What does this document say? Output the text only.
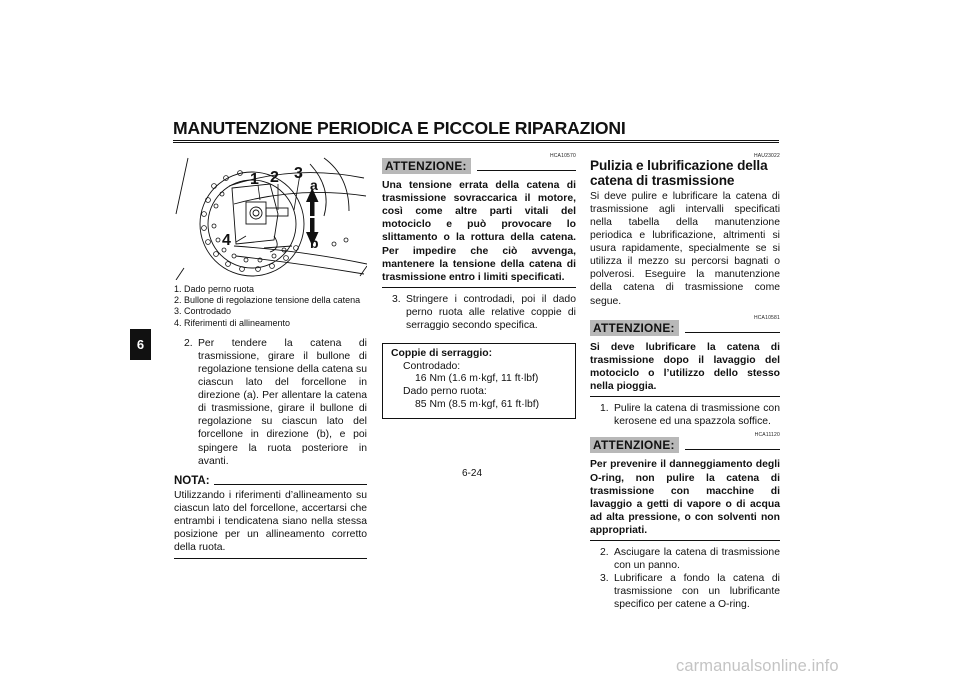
MANUTENZIONE PERIODICA E PICCOLE RIPARAZIONI
6
1 2 3
4
a
b
1. Dado perno ruota
2. Bullone di regolazione tensione della catena
3. Controdado
4. Riferimenti di allineamento
2. Per tendere la catena di trasmissione, girare il bullone di regolazione tensione della catena su ciascun lato del forcellone in direzione (a). Per allentare la catena di trasmissione, girare il bullone di regolazione su ciascun lato del forcellone in direzione (b), e poi spingere la ruota posteriore in avanti.
NOTA:
Utilizzando i riferimenti d’allineamento su ciascun lato del forcellone, accertarsi che entrambi i tendicatena siano nella stessa posizione per un allineamento corretto della ruota.
HCA10570
ATTENZIONE:
Una tensione errata della catena di trasmissione sovraccarica il motore, così come altre parti vitali del motociclo e può provocare lo slittamento o la rottura della catena. Per impedire che ciò avvenga, mantenere la tensione della catena di trasmissione entro i limiti specificati.
3. Stringere i controdadi, poi il dado perno ruota alle relative coppie di serraggio secondo specifica.
Coppie di serraggio:
Controdado:
16 Nm (1.6 m·kgf, 11 ft·lbf)
Dado perno ruota:
85 Nm (8.5 m·kgf, 61 ft·lbf)
HAU23022
Pulizia e lubrificazione della catena di trasmissione
Si deve pulire e lubrificare la catena di trasmissione agli intervalli specificati nella tabella della manutenzione periodica e lubrificazione, altrimenti si usura rapidamente, specialmente se si utilizza il mezzo su percorsi bagnati o polverosi. Eseguire la manutenzione della catena di trasmissione come segue.
HCA10581
ATTENZIONE:
Si deve lubrificare la catena di trasmissione dopo il lavaggio del motociclo o l’utilizzo dello stesso nella pioggia.
1. Pulire la catena di trasmissione con kerosene ed una spazzola soffice.
HCA11120
ATTENZIONE:
Per prevenire il danneggiamento degli O-ring, non pulire la catena di trasmissione con macchine di lavaggio a getti di vapore o di acqua ad alta pressione, o con solventi non appropriati.
2. Asciugare la catena di trasmissione con un panno.
3. Lubrificare a fondo la catena di trasmissione con un lubrificante specifico per catene a O-ring.
6-24
carmanualsonline.info
